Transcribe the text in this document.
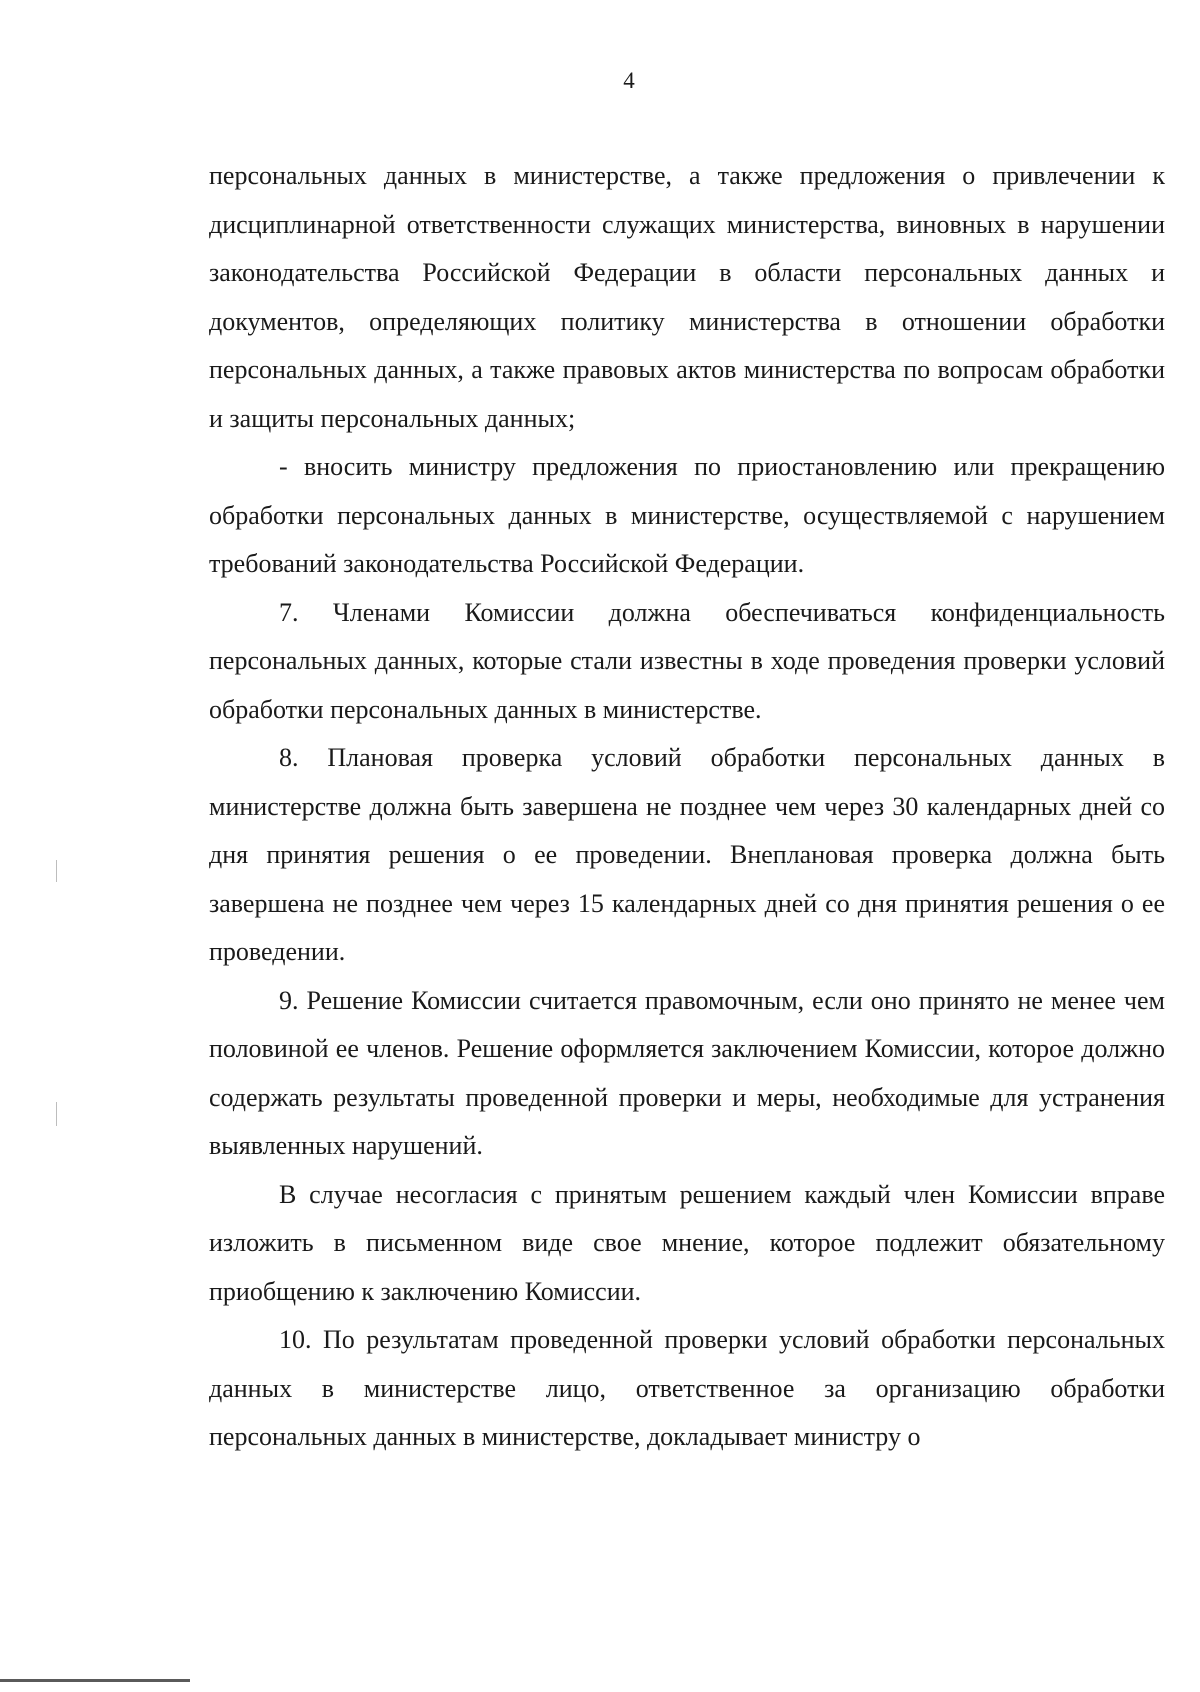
4

персональных данных в министерстве, а также предложения о привлечении к дисциплинарной ответственности служащих министерства, виновных в нарушении законодательства Российской Федерации в области персональных данных и документов, определяющих политику министерства в отношении обработки персональных данных, а также правовых актов министерства по вопросам обработки и защиты персональных данных;

- вносить министру предложения по приостановлению или прекращению обработки персональных данных в министерстве, осуществляемой с нарушением требований законодательства Российской Федерации.

7. Членами Комиссии должна обеспечиваться конфиденциальность персональных данных, которые стали известны в ходе проведения проверки условий обработки персональных данных в министерстве.

8. Плановая проверка условий обработки персональных данных в министерстве должна быть завершена не позднее чем через 30 календарных дней со дня принятия решения о ее проведении. Внеплановая проверка должна быть завершена не позднее чем через 15 календарных дней со дня принятия решения о ее проведении.

9. Решение Комиссии считается правомочным, если оно принято не менее чем половиной ее членов. Решение оформляется заключением Комиссии, которое должно содержать результаты проведенной проверки и меры, необходимые для устранения выявленных нарушений.

В случае несогласия с принятым решением каждый член Комиссии вправе изложить в письменном виде свое мнение, которое подлежит обязательному приобщению к заключению Комиссии.

10. По результатам проведенной проверки условий обработки персональных данных в министерстве лицо, ответственное за организацию обработки персональных данных в министерстве, докладывает министру о
